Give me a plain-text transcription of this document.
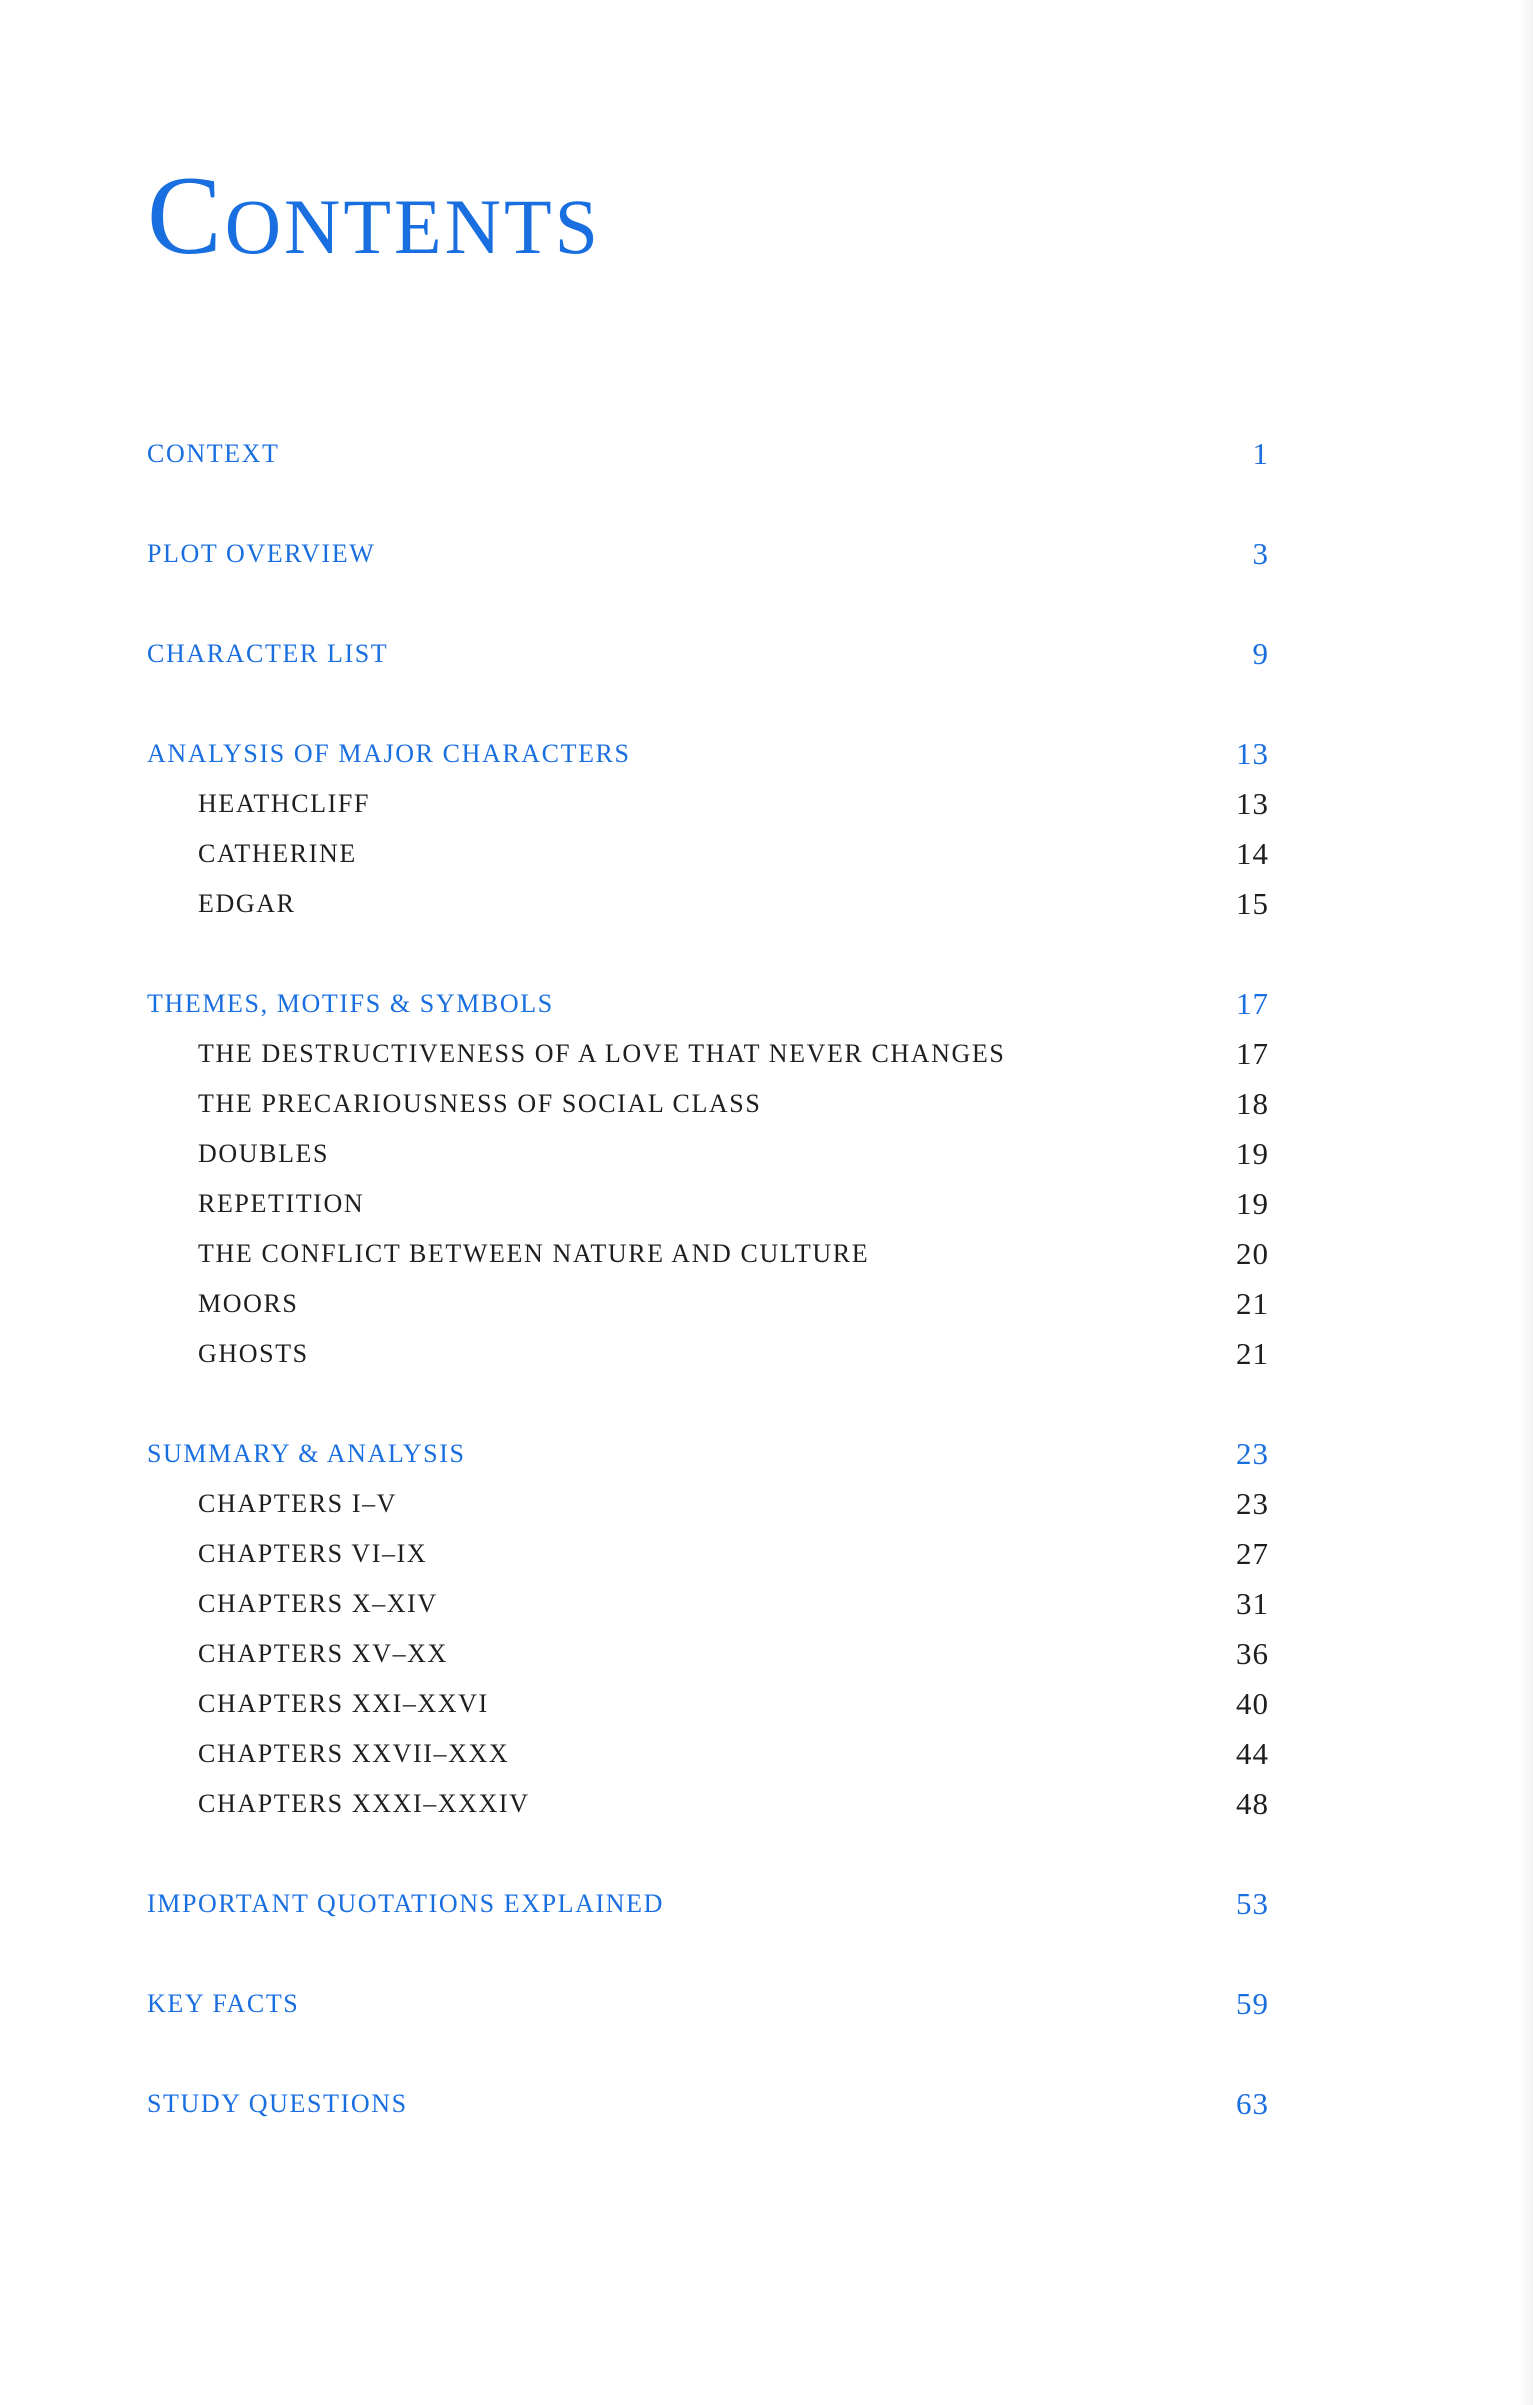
Contents
CONTEXT	1
PLOT OVERVIEW	3
CHARACTER LIST	9
ANALYSIS OF MAJOR CHARACTERS	13
HEATHCLIFF	13
CATHERINE	14
EDGAR	15
THEMES, MOTIFS & SYMBOLS	17
THE DESTRUCTIVENESS OF A LOVE THAT NEVER CHANGES	17
THE PRECARIOUSNESS OF SOCIAL CLASS	18
DOUBLES	19
REPETITION	19
THE CONFLICT BETWEEN NATURE AND CULTURE	20
MOORS	21
GHOSTS	21
SUMMARY & ANALYSIS	23
CHAPTERS I–V	23
CHAPTERS VI–IX	27
CHAPTERS X–XIV	31
CHAPTERS XV–XX	36
CHAPTERS XXI–XXVI	40
CHAPTERS XXVII–XXX	44
CHAPTERS XXXI–XXXIV	48
IMPORTANT QUOTATIONS EXPLAINED	53
KEY FACTS	59
STUDY QUESTIONS	63
